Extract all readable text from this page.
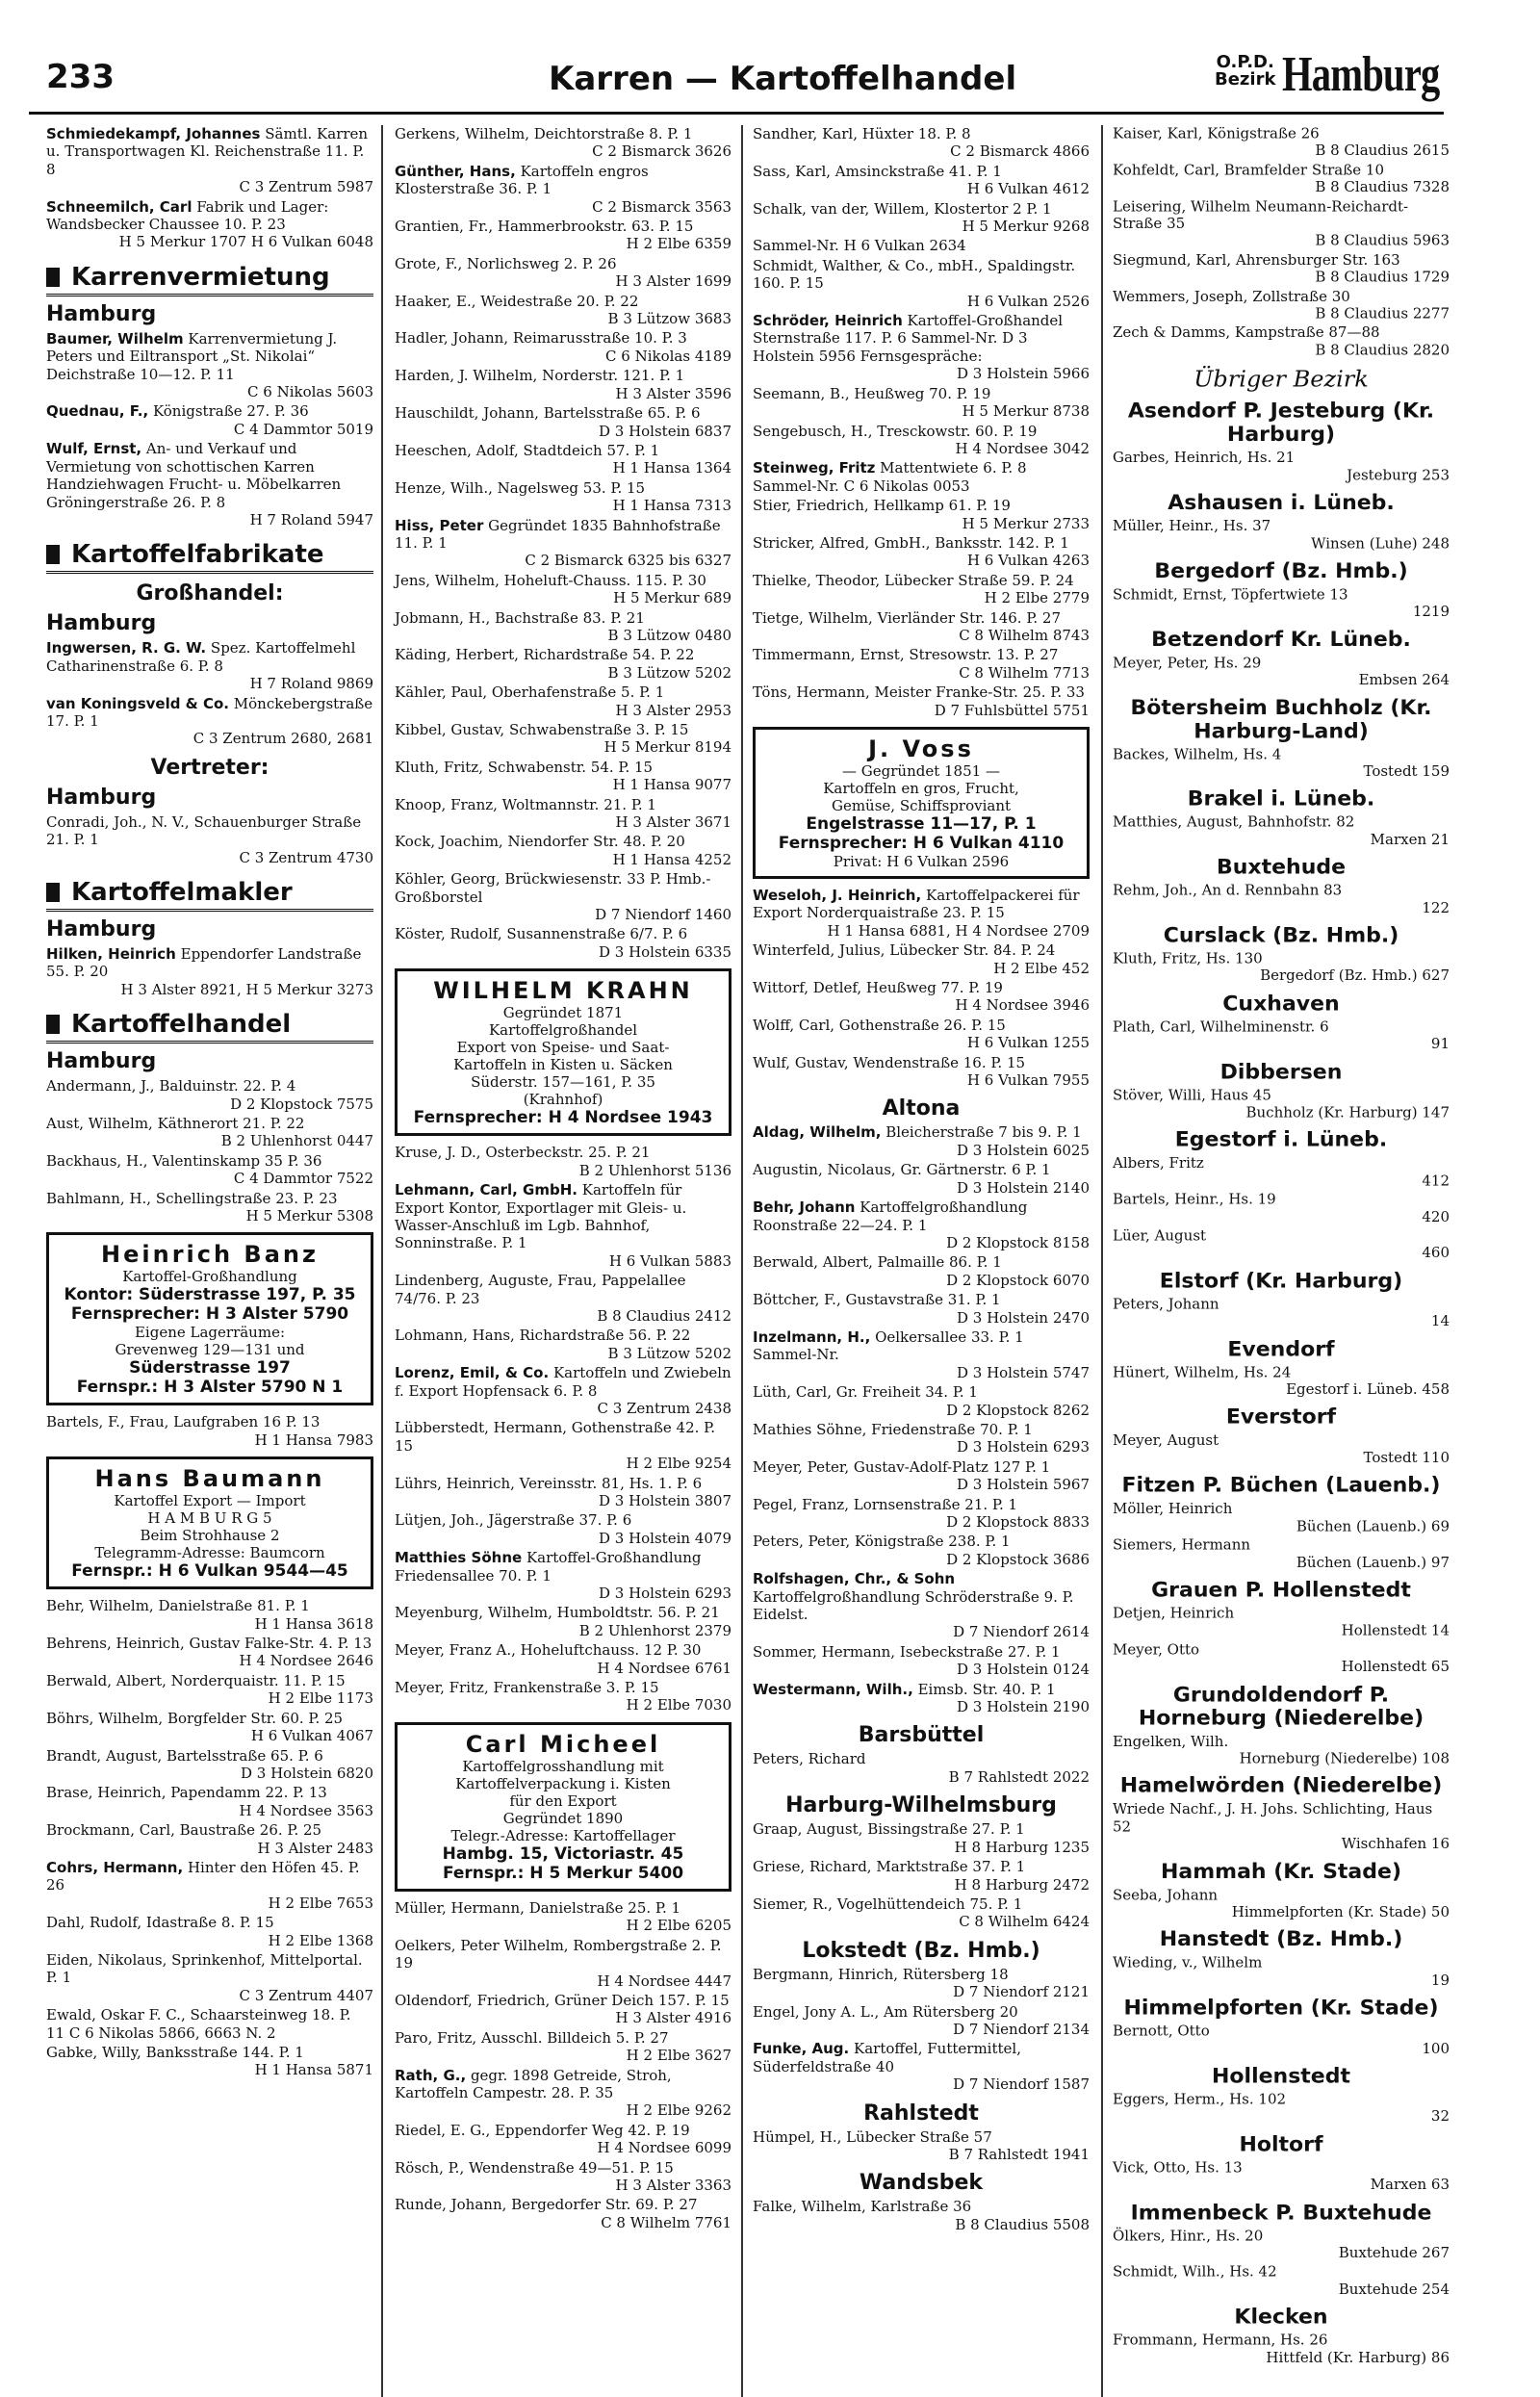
233	Karren — Kartoffelhandel	O.P.D.
Bezirk Hamburg
Schmiedekampf, Johannes Sämtl. Karren u. Transportwagen Kl. Reichenstraße 11. P. 8
C 3 Zentrum 5987
Schneemilch, Carl Fabrik und Lager: Wandsbecker Chaussee 10. P. 23
H 5 Merkur 1707 H 6 Vulkan 6048
Karrenvermietung
Hamburg
Baumer, Wilhelm Karrenvermietung J. Peters und Eiltransport „St. Nikolai“ Deichstraße 10—12. P. 11
C 6 Nikolas 5603
Quednau, F., Königstraße 27. P. 36
C 4 Dammtor 5019
Wulf, Ernst, An- und Verkauf und Vermietung von schottischen Karren Handziehwagen Frucht- u. Möbelkarren Gröningerstraße 26. P. 8
H 7 Roland 5947
Kartoffelfabrikate
Großhandel:
Hamburg
Ingwersen, R. G. W. Spez. Kartoffelmehl Catharinenstraße 6. P. 8
H 7 Roland 9869
van Koningsveld & Co. Mönckebergstraße 17. P. 1
C 3 Zentrum 2680, 2681
Vertreter:
Hamburg
Conradi, Joh., N. V., Schauenburger Straße 21. P. 1
C 3 Zentrum 4730
Kartoffelmakler
Hamburg
Hilken, Heinrich Eppendorfer Landstraße 55. P. 20
H 3 Alster 8921, H 5 Merkur 3273
Kartoffelhandel
Hamburg
Andermann, J., Balduinstr. 22. P. 4
D 2 Klopstock 7575
Aust, Wilhelm, Käthnerort 21. P. 22
B 2 Uhlenhorst 0447
Backhaus, H., Valentinskamp 35 P. 36
C 4 Dammtor 7522
Bahlmann, H., Schellingstraße 23. P. 23
H 5 Merkur 5308
Heinrich Banz
Kartoffel-Großhandlung
Kontor: Süderstrasse 197, P. 35
Fernsprecher: H 3 Alster 5790
Eigene Lagerräume:
Grevenweg 129—131 und
Süderstrasse 197
Fernspr.: H 3 Alster 5790 N 1
Bartels, F., Frau, Laufgraben 16 P. 13
H 1 Hansa 7983
Hans Baumann
Kartoffel Export — Import
H A M B U R G 5
Beim Strohhause 2
Telegramm-Adresse: Baumcorn
Fernspr.: H 6 Vulkan 9544—45
Behr, Wilhelm, Danielstraße 81. P. 1
H 1 Hansa 3618
Behrens, Heinrich, Gustav Falke-Str. 4. P. 13
H 4 Nordsee 2646
Berwald, Albert, Norderquaistr. 11. P. 15
H 2 Elbe 1173
Böhrs, Wilhelm, Borgfelder Str. 60. P. 25
H 6 Vulkan 4067
Brandt, August, Bartelsstraße 65. P. 6
D 3 Holstein 6820
Brase, Heinrich, Papendamm 22. P. 13
H 4 Nordsee 3563
Brockmann, Carl, Baustraße 26. P. 25
H 3 Alster 2483
Cohrs, Hermann, Hinter den Höfen 45. P. 26
H 2 Elbe 7653
Dahl, Rudolf, Idastraße 8. P. 15
H 2 Elbe 1368
Eiden, Nikolaus, Sprinkenhof, Mittelportal. P. 1
C 3 Zentrum 4407
Ewald, Oskar F. C., Schaarsteinweg 18. P. 11 C 6 Nikolas 5866, 6663 N. 2
Gabke, Willy, Banksstraße 144. P. 1
H 1 Hansa 5871
Gerkens, Wilhelm, Deichtorstraße 8. P. 1
C 2 Bismarck 3626
Günther, Hans, Kartoffeln engros Klosterstraße 36. P. 1
C 2 Bismarck 3563
Grantien, Fr., Hammerbrookstr. 63. P. 15
H 2 Elbe 6359
Grote, F., Norlichsweg 2. P. 26
H 3 Alster 1699
Haaker, E., Weidestraße 20. P. 22
B 3 Lützow 3683
Hadler, Johann, Reimarusstraße 10. P. 3
C 6 Nikolas 4189
Harden, J. Wilhelm, Norderstr. 121. P. 1
H 3 Alster 3596
Hauschildt, Johann, Bartelsstraße 65. P. 6
D 3 Holstein 6837
Heeschen, Adolf, Stadtdeich 57. P. 1
H 1 Hansa 1364
Henze, Wilh., Nagelsweg 53. P. 15
H 1 Hansa 7313
Hiss, Peter Gegründet 1835 Bahnhofstraße 11. P. 1
C 2 Bismarck 6325 bis 6327
Jens, Wilhelm, Hoheluft-Chauss. 115. P. 30
H 5 Merkur 689
Jobmann, H., Bachstraße 83. P. 21
B 3 Lützow 0480
Käding, Herbert, Richardstraße 54. P. 22
B 3 Lützow 5202
Kähler, Paul, Oberhafenstraße 5. P. 1
H 3 Alster 2953
Kibbel, Gustav, Schwabenstraße 3. P. 15
H 5 Merkur 8194
Kluth, Fritz, Schwabenstr. 54. P. 15
H 1 Hansa 9077
Knoop, Franz, Woltmannstr. 21. P. 1
H 3 Alster 3671
Kock, Joachim, Niendorfer Str. 48. P. 20
H 1 Hansa 4252
Köhler, Georg, Brückwiesenstr. 33 P. Hmb.-Großborstel
D 7 Niendorf 1460
Köster, Rudolf, Susannenstraße 6/7. P. 6
D 3 Holstein 6335
WILHELM KRAHN
Gegründet 1871
Kartoffelgroßhandel
Export von Speise- und Saat-
Kartoffeln in Kisten u. Säcken
Süderstr. 157—161, P. 35
(Krahnhof)
Fernsprecher: H 4 Nordsee 1943
Kruse, J. D., Osterbeckstr. 25. P. 21
B 2 Uhlenhorst 5136
Lehmann, Carl, GmbH. Kartoffeln für Export Kontor, Exportlager mit Gleis- u. Wasser-Anschluß im Lgb. Bahnhof, Sonninstraße. P. 1
H 6 Vulkan 5883
Lindenberg, Auguste, Frau, Pappelallee 74/76. P. 23
B 8 Claudius 2412
Lohmann, Hans, Richardstraße 56. P. 22
B 3 Lützow 5202
Lorenz, Emil, & Co. Kartoffeln und Zwiebeln f. Export Hopfensack 6. P. 8
C 3 Zentrum 2438
Lübberstedt, Hermann, Gothenstraße 42. P. 15
H 2 Elbe 9254
Lührs, Heinrich, Vereinsstr. 81, Hs. 1. P. 6
D 3 Holstein 3807
Lütjen, Joh., Jägerstraße 37. P. 6
D 3 Holstein 4079
Matthies Söhne Kartoffel-Großhandlung Friedensallee 70. P. 1
D 3 Holstein 6293
Meyenburg, Wilhelm, Humboldtstr. 56. P. 21
B 2 Uhlenhorst 2379
Meyer, Franz A., Hoheluftchauss. 12 P. 30
H 4 Nordsee 6761
Meyer, Fritz, Frankenstraße 3. P. 15
H 2 Elbe 7030
Carl Micheel
Kartoffelgrosshandlung mit
Kartoffelverpackung i. Kisten
für den Export
Gegründet 1890
Telegr.-Adresse: Kartoffellager
Hambg. 15, Victoriastr. 45
Fernspr.: H 5 Merkur 5400
Müller, Hermann, Danielstraße 25. P. 1
H 2 Elbe 6205
Oelkers, Peter Wilhelm, Rombergstraße 2. P. 19
H 4 Nordsee 4447
Oldendorf, Friedrich, Grüner Deich 157. P. 15
H 3 Alster 4916
Paro, Fritz, Ausschl. Billdeich 5. P. 27
H 2 Elbe 3627
Rath, G., gegr. 1898 Getreide, Stroh, Kartoffeln Campestr. 28. P. 35
H 2 Elbe 9262
Riedel, E. G., Eppendorfer Weg 42. P. 19
H 4 Nordsee 6099
Rösch, P., Wendenstraße 49—51. P. 15
H 3 Alster 3363
Runde, Johann, Bergedorfer Str. 69. P. 27
C 8 Wilhelm 7761
Sandher, Karl, Hüxter 18. P. 8
C 2 Bismarck 4866
Sass, Karl, Amsinckstraße 41. P. 1
H 6 Vulkan 4612
Schalk, van der, Willem, Klostertor 2 P. 1
H 5 Merkur 9268
Sammel-Nr. H 6 Vulkan 2634
Schmidt, Walther, & Co., mbH., Spaldingstr. 160. P. 15
H 6 Vulkan 2526
Schröder, Heinrich Kartoffel-Großhandel Sternstraße 117. P. 6 Sammel-Nr. D 3 Holstein 5956 Fernsgespräche:
D 3 Holstein 5966
Seemann, B., Heußweg 70. P. 19
H 5 Merkur 8738
Sengebusch, H., Tresckowstr. 60. P. 19
H 4 Nordsee 3042
Steinweg, Fritz Mattentwiete 6. P. 8 Sammel-Nr. C 6 Nikolas 0053
Stier, Friedrich, Hellkamp 61. P. 19
H 5 Merkur 2733
Stricker, Alfred, GmbH., Banksstr. 142. P. 1
H 6 Vulkan 4263
Thielke, Theodor, Lübecker Straße 59. P. 24
H 2 Elbe 2779
Tietge, Wilhelm, Vierländer Str. 146. P. 27
C 8 Wilhelm 8743
Timmermann, Ernst, Stresowstr. 13. P. 27
C 8 Wilhelm 7713
Töns, Hermann, Meister Franke-Str. 25. P. 33
D 7 Fuhlsbüttel 5751
J. Voss
— Gegründet 1851 —
Kartoffeln en gros, Frucht,
Gemüse, Schiffsproviant
Engelstrasse 11—17, P. 1
Fernsprecher: H 6 Vulkan 4110
Privat: H 6 Vulkan 2596
Weseloh, J. Heinrich, Kartoffelpackerei für Export Norderquaistraße 23. P. 15
H 1 Hansa 6881, H 4 Nordsee 2709
Winterfeld, Julius, Lübecker Str. 84. P. 24
H 2 Elbe 452
Wittorf, Detlef, Heußweg 77. P. 19
H 4 Nordsee 3946
Wolff, Carl, Gothenstraße 26. P. 15
H 6 Vulkan 1255
Wulf, Gustav, Wendenstraße 16. P. 15
H 6 Vulkan 7955
Altona
Aldag, Wilhelm, Bleicherstraße 7 bis 9. P. 1
D 3 Holstein 6025
Augustin, Nicolaus, Gr. Gärtnerstr. 6 P. 1
D 3 Holstein 2140
Behr, Johann Kartoffelgroßhandlung Roonstraße 22—24. P. 1
D 2 Klopstock 8158
Berwald, Albert, Palmaille 86. P. 1
D 2 Klopstock 6070
Böttcher, F., Gustavstraße 31. P. 1
D 3 Holstein 2470
Inzelmann, H., Oelkersallee 33. P. 1 Sammel-Nr.
D 3 Holstein 5747
Lüth, Carl, Gr. Freiheit 34. P. 1
D 2 Klopstock 8262
Mathies Söhne, Friedenstraße 70. P. 1
D 3 Holstein 6293
Meyer, Peter, Gustav-Adolf-Platz 127 P. 1
D 3 Holstein 5967
Pegel, Franz, Lornsenstraße 21. P. 1
D 2 Klopstock 8833
Peters, Peter, Königstraße 238. P. 1
D 2 Klopstock 3686
Rolfshagen, Chr., & Sohn Kartoffelgroßhandlung Schröderstraße 9. P. Eidelst.
D 7 Niendorf 2614
Sommer, Hermann, Isebeckstraße 27. P. 1
D 3 Holstein 0124
Westermann, Wilh., Eimsb. Str. 40. P. 1
D 3 Holstein 2190
Barsbüttel
Peters, Richard
B 7 Rahlstedt 2022
Harburg-Wilhelmsburg
Graap, August, Bissingstraße 27. P. 1
H 8 Harburg 1235
Griese, Richard, Marktstraße 37. P. 1
H 8 Harburg 2472
Siemer, R., Vogelhüttendeich 75. P. 1
C 8 Wilhelm 6424
Lokstedt (Bz. Hmb.)
Bergmann, Hinrich, Rütersberg 18
D 7 Niendorf 2121
Engel, Jony A. L., Am Rütersberg 20
D 7 Niendorf 2134
Funke, Aug. Kartoffel, Futtermittel, Süderfeldstraße 40
D 7 Niendorf 1587
Rahlstedt
Hümpel, H., Lübecker Straße 57
B 7 Rahlstedt 1941
Wandsbek
Falke, Wilhelm, Karlstraße 36
B 8 Claudius 5508
Kaiser, Karl, Königstraße 26
B 8 Claudius 2615
Kohfeldt, Carl, Bramfelder Straße 10
B 8 Claudius 7328
Leisering, Wilhelm Neumann-Reichardt-Straße 35
B 8 Claudius 5963
Siegmund, Karl, Ahrensburger Str. 163
B 8 Claudius 1729
Wemmers, Joseph, Zollstraße 30
B 8 Claudius 2277
Zech & Damms, Kampstraße 87—88
B 8 Claudius 2820
Übriger Bezirk
Asendorf P. Jesteburg (Kr. Harburg)
Garbes, Heinrich, Hs. 21
Jesteburg 253
Ashausen i. Lüneb.
Müller, Heinr., Hs. 37
Winsen (Luhe) 248
Bergedorf (Bz. Hmb.)
Schmidt, Ernst, Töpfertwiete 13
1219
Betzendorf Kr. Lüneb.
Meyer, Peter, Hs. 29
Embsen 264
Bötersheim Buchholz (Kr. Harburg-Land)
Backes, Wilhelm, Hs. 4
Tostedt 159
Brakel i. Lüneb.
Matthies, August, Bahnhofstr. 82
Marxen 21
Buxtehude
Rehm, Joh., An d. Rennbahn 83
122
Curslack (Bz. Hmb.)
Kluth, Fritz, Hs. 130
Bergedorf (Bz. Hmb.) 627
Cuxhaven
Plath, Carl, Wilhelminenstr. 6
91
Dibbersen
Stöver, Willi, Haus 45
Buchholz (Kr. Harburg) 147
Egestorf i. Lüneb.
Albers, Fritz
412
Bartels, Heinr., Hs. 19
420
Lüer, August
460
Elstorf (Kr. Harburg)
Peters, Johann
14
Evendorf
Hünert, Wilhelm, Hs. 24
Egestorf i. Lüneb. 458
Everstorf
Meyer, August
Tostedt 110
Fitzen P. Büchen (Lauenb.)
Möller, Heinrich
Büchen (Lauenb.) 69
Siemers, Hermann
Büchen (Lauenb.) 97
Grauen P. Hollenstedt
Detjen, Heinrich
Hollenstedt 14
Meyer, Otto
Hollenstedt 65
Grundoldendorf P. Horneburg (Niederelbe)
Engelken, Wilh.
Horneburg (Niederelbe) 108
Hamelwörden (Niederelbe)
Wriede Nachf., J. H. Johs. Schlichting, Haus 52
Wischhafen 16
Hammah (Kr. Stade)
Seeba, Johann
Himmelpforten (Kr. Stade) 50
Hanstedt (Bz. Hmb.)
Wieding, v., Wilhelm
19
Himmelpforten (Kr. Stade)
Bernott, Otto
100
Hollenstedt
Eggers, Herm., Hs. 102
32
Holtorf
Vick, Otto, Hs. 13
Marxen 63
Immenbeck P. Buxtehude
Ölkers, Hinr., Hs. 20
Buxtehude 267
Schmidt, Wilh., Hs. 42
Buxtehude 254
Klecken
Frommann, Hermann, Hs. 26
Hittfeld (Kr. Harburg) 86
